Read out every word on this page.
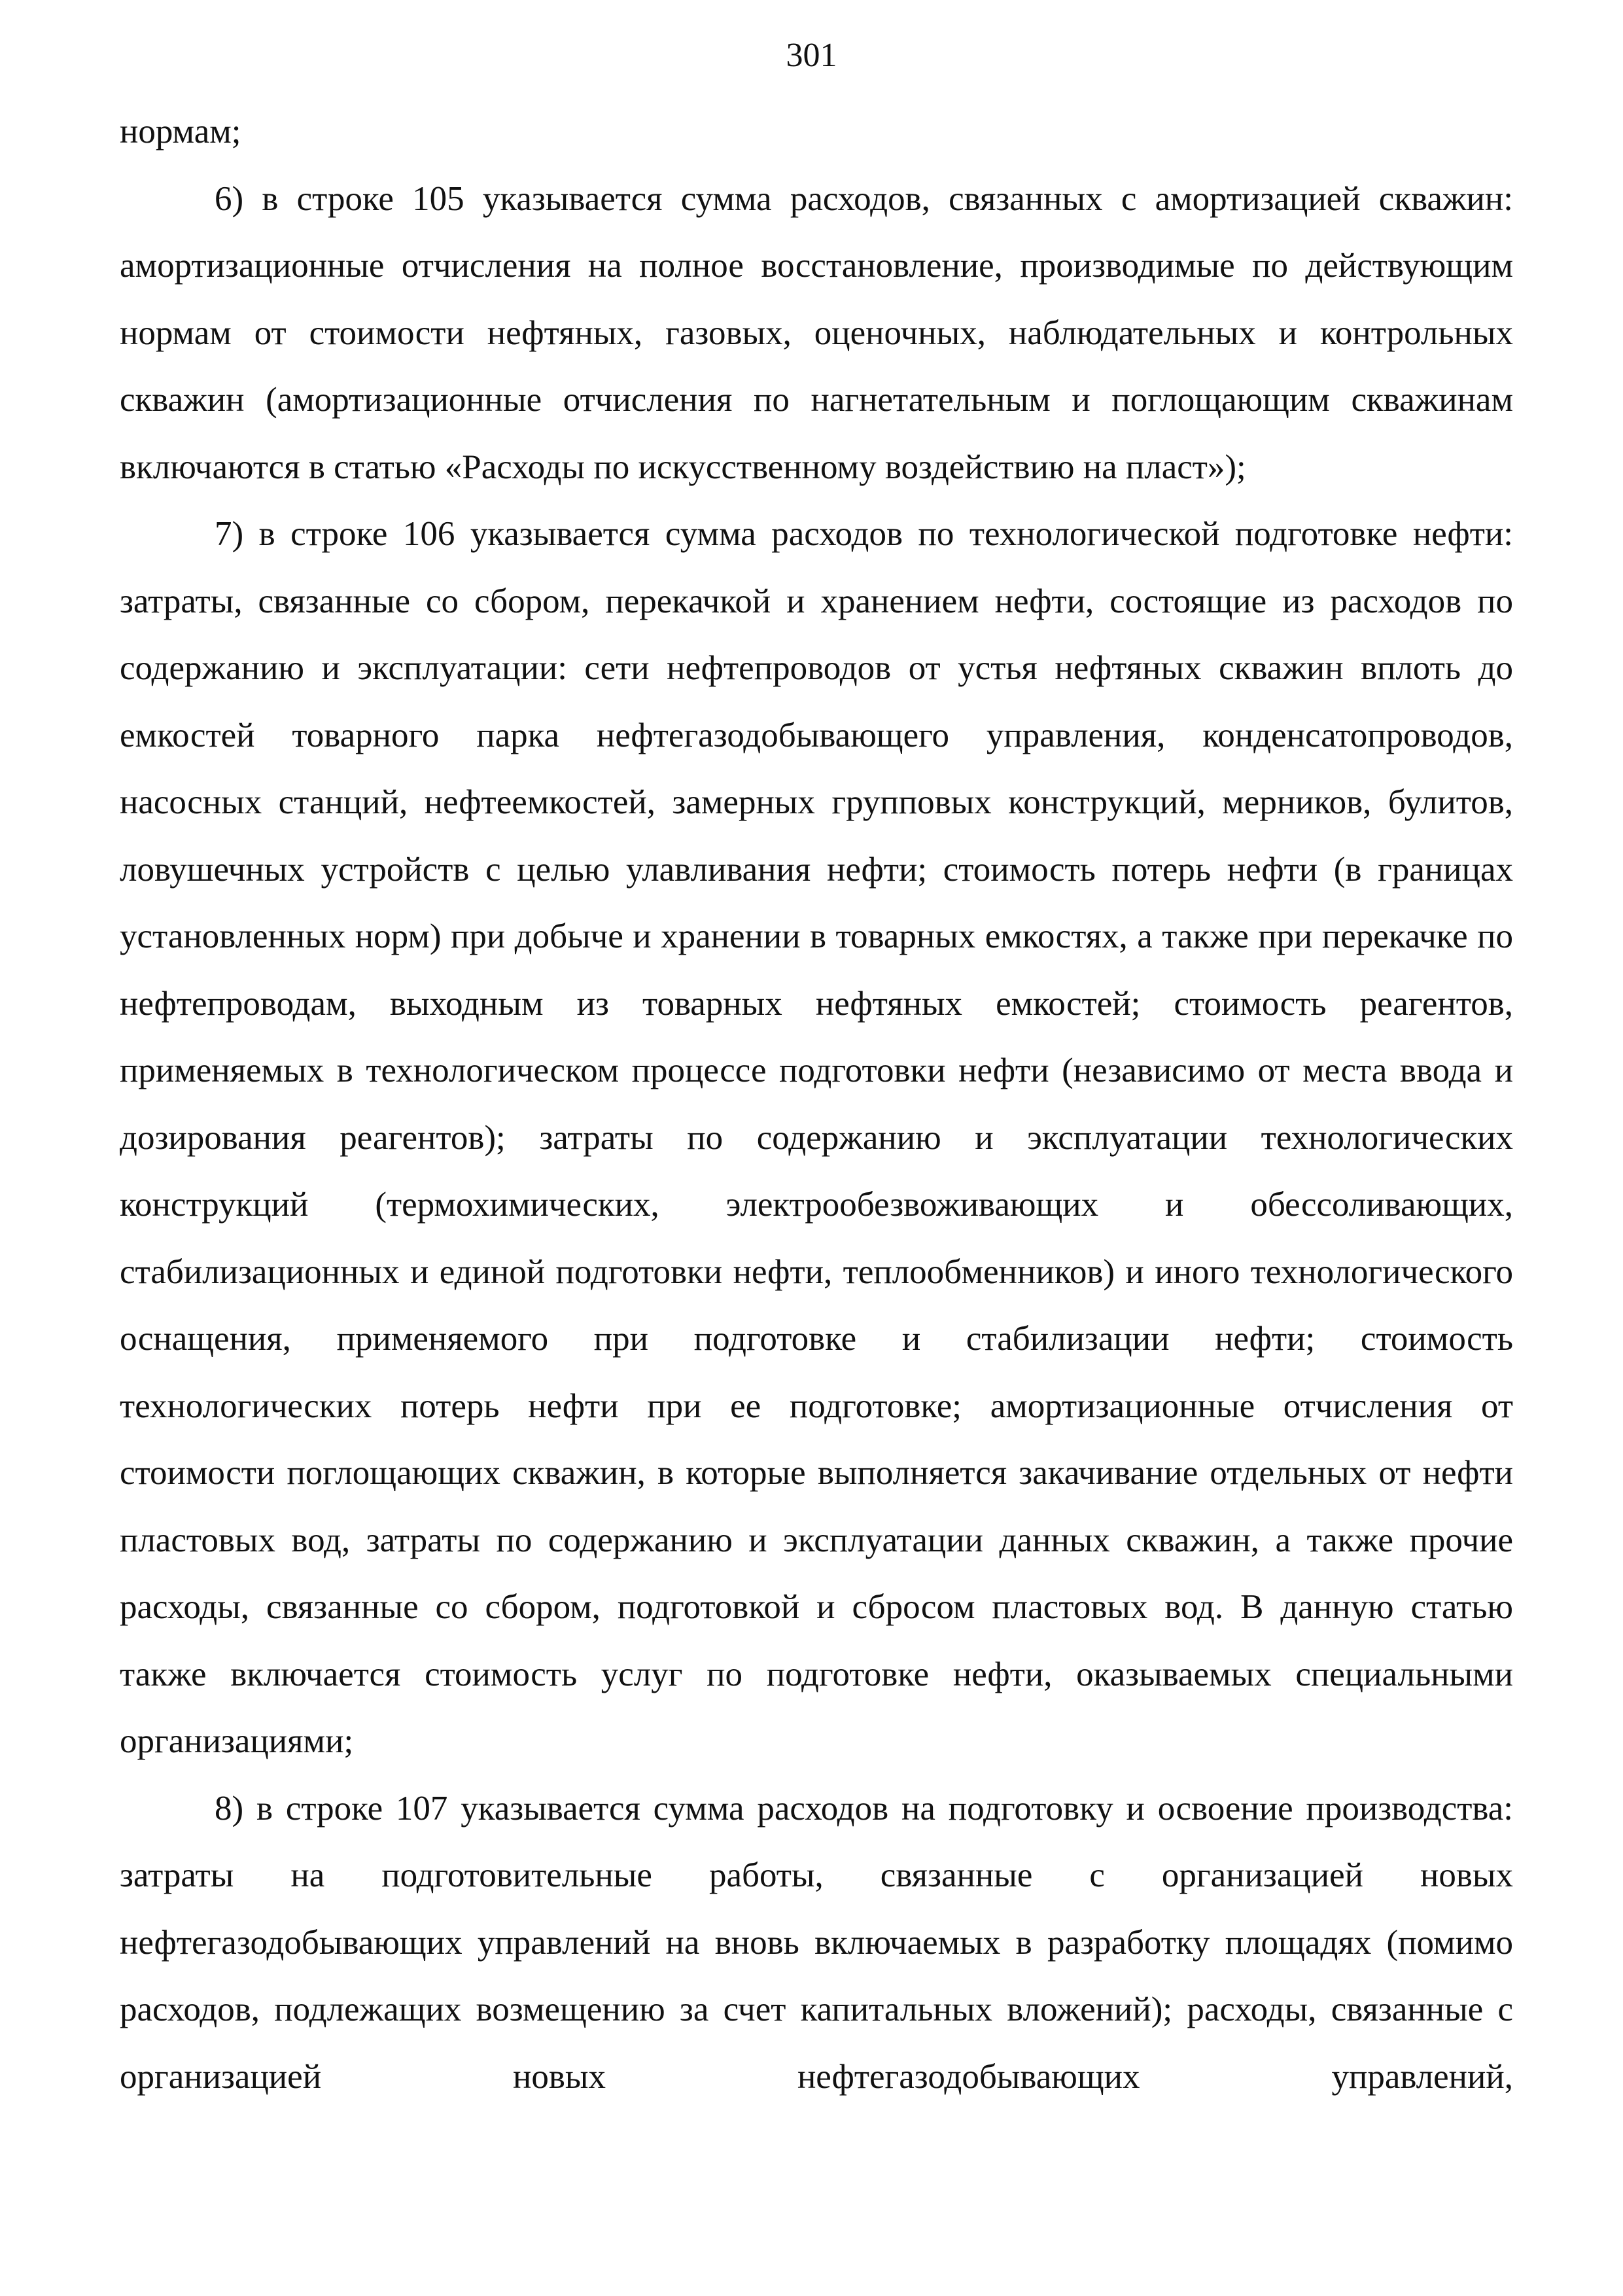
301

нормам;

6) в строке 105 указывается сумма расходов, связанных с амортизацией скважин: амортизационные отчисления на полное восстановление, производимые по действующим нормам от стоимости нефтяных, газовых, оценочных, наблюдательных и контрольных скважин (амортизационные отчисления по нагнетательным и поглощающим скважинам включаются в статью «Расходы по искусственному воздействию на пласт»);

7) в строке 106 указывается сумма расходов по технологической подготовке нефти: затраты, связанные со сбором, перекачкой и хранением нефти, состоящие из расходов по содержанию и эксплуатации: сети нефтепроводов от устья нефтяных скважин вплоть до емкостей товарного парка нефтегазодобывающего управления, конденсатопроводов, насосных станций, нефтеемкостей, замерных групповых конструкций, мерников, булитов, ловушечных устройств с целью улавливания нефти; стоимость потерь нефти (в границах установленных норм) при добыче и хранении в товарных емкостях, а также при перекачке по нефтепроводам, выходным из товарных нефтяных емкостей; стоимость реагентов, применяемых в технологическом процессе подготовки нефти (независимо от места ввода и дозирования реагентов); затраты по содержанию и эксплуатации технологических конструкций (термохимических, электрообезвоживающих и обессоливающих, стабилизационных и единой подготовки нефти, теплообменников) и иного технологического оснащения, применяемого при подготовке и стабилизации нефти; стоимость технологических потерь нефти при ее подготовке; амортизационные отчисления от стоимости поглощающих скважин, в которые выполняется закачивание отдельных от нефти пластовых вод, затраты по содержанию и эксплуатации данных скважин, а также прочие расходы, связанные со сбором, подготовкой и сбросом пластовых вод. В данную статью также включается стоимость услуг по подготовке нефти, оказываемых специальными организациями;

8) в строке 107 указывается сумма расходов на подготовку и освоение производства: затраты на подготовительные работы, связанные с организацией новых нефтегазодобывающих управлений на вновь включаемых в разработку площадях (помимо расходов, подлежащих возмещению за счет капитальных вложений); расходы, связанные с организацией новых нефтегазодобывающих управлений,
